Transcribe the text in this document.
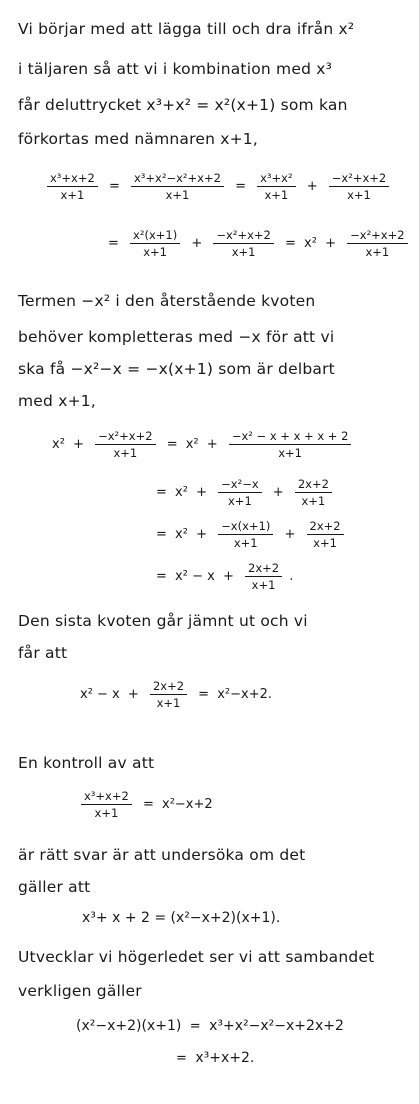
Vi börjar med att lägga till och dra ifrån x²
i täljaren så att vi i kombination med x³
får deluttrycket x³+x² = x²(x+1) som kan
förkortas med nämnaren x+1,
$\frac{\text{x³+x+2}}{x+1} = \frac{\text{x³+x²−x²+x+2}}{x+1} = \frac{\text{x³+x²}}{x+1} + \frac{\text{−x²+x+2}}{x+1}$
= $\frac{\text{x²(x+1)}}{x+1} + \frac{\text{−x²+x+2}}{x+1} = x^2 + \frac{\text{−x²+x+2}}{x+1}$
Termen −x² i den återstående kvoten
behöver kompletteras med −x för att vi
ska få −x²−x = −x(x+1) som är delbart
med x+1,
$x^2 + \frac{\text{−x²+x+2}}{x+1} = x^2 + \frac{\text{−x² − x + x + x + 2}}{x+1}$
= $x^2 + \frac{\text{−x²−x}}{x+1} + \frac{2x+2}{x+1}$
= $x^2 + \frac{-x(x+1)}{x+1} + \frac{2x+2}{x+1}$
= $x^2 - x + \frac{2x+2}{x+1}$ .
Den sista kvoten går jämnt ut och vi
får att
$x^2 - x + \frac{2x+2}{x+1} = x^2-x+2$.
En kontroll av att
$\frac{\text{x³+x+2}}{x+1} = x^2-x+2$
är rätt svar är att undersöka om det
gäller att
x³+ x + 2 = (x²−x+2)(x+1).
Utvecklar vi högerledet ser vi att sambandet
verkligen gäller
(x²−x+2)(x+1) = x³+x²−x²−x+2x+2
= x³+x+2.
